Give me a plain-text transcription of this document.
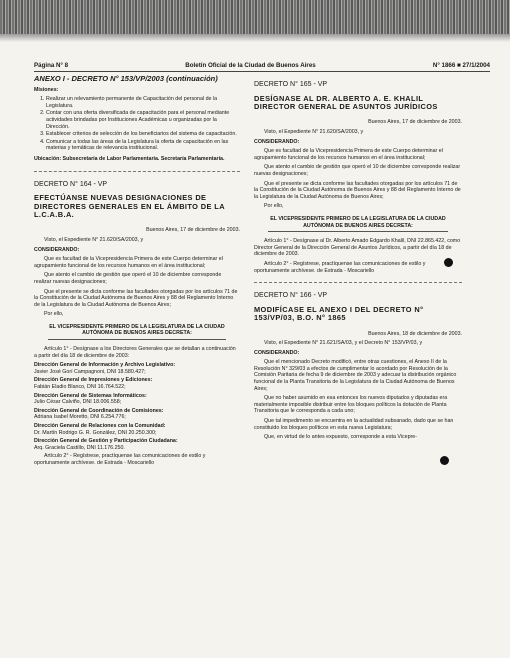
Página N° 8	Boletín Oficial de la Ciudad de Buenos Aires	N° 1866 ■ 27/1/2004
ANEXO I - DECRETO N° 153/VP/2003 (continuación)

Misiones:

1. Realizar un relevamiento permanente de Capacitación del personal de la Legislatura.
2. Contar con una oferta diversificada de capacitación para el personal mediante actividades brindadas por Instituciones Académicas u organizadas por la Dirección.
3. Establecer criterios de selección de los beneficiarios del sistema de capacitación.
4. Comunicar a todas las áreas de la Legislatura la oferta de capacitación en las materias y temáticas de relevancia institucional.

Ubicación: Subsecretaría de Labor Parlamentaria. Secretaría Parlamentaria.

DECRETO N° 164 - VP
EFECTÚANSE NUEVAS DESIGNACIONES DE DIRECTORES GENERALES EN EL ÁMBITO DE LA L.C.A.B.A.

Buenos Aires, 17 de diciembre de 2003.

Visto, el Expediente N° 21.620/SA/2003, y

CONSIDERANDO:

Que es facultad de la Vicepresidencia Primera de este Cuerpo determinar el agrupamiento funcional de los recursos humanos en el área institucional;

Que atento el cambio de gestión que operó el 10 de diciembre corresponde realizar nuevas designaciones;

Que el presente se dicta conforme las facultades otorgadas por los artículos 71 de la Constitución de la Ciudad Autónoma de Buenos Aires y 88 del Reglamento Interno de la Legislatura de la Ciudad Autónoma de Buenos Aires;

Por ello,

EL VICEPRESIDENTE PRIMERO DE LA LEGISLATURA DE LA CIUDAD AUTÓNOMA DE BUENOS AIRES DECRETA:

Artículo 1° - Desígnase a los Directores Generales que se detallan a continuación a partir del día 18 de diciembre de 2003:

Dirección General de Información y Archivo Legislativo:
Javier José Gorí Campagnoni, DNI 18.580.427;
Dirección General de Impresiones y Ediciones:
Fabián Eladio Blanco, DNI 16.764.522;
Dirección General de Sistemas Informáticos:
Julio César Calviño, DNI 18.006.558;
Dirección General de Coordinación de Comisiones:
Adriana Isabel Moretto, DNI 6.254.776;
Dirección General de Relaciones con la Comunidad:
Dr. Martín Rodrigo G. R. González, DNI 20.250.300;
Dirección General de Gestión y Participación Ciudadana:
Arq. Graciela Castillo, DNI 11.176.250.

Artículo 2° - Regístrese, practíquense las comunicaciones de estilo y oportunamente archívese. de Estrada - Moscariello

DECRETO N° 165 - VP
DESÍGNASE AL DR. ALBERTO A. E. KHALIL DIRECTOR GENERAL DE ASUNTOS JURÍDICOS

Buenos Aires, 17 de diciembre de 2003.

Visto, el Expediente N° 21.620/SA/2003, y

CONSIDERANDO:

Que es facultad de la Vicepresidencia Primera de este Cuerpo determinar el agrupamiento funcional de los recursos humanos en el área institucional;

Que atento el cambio de gestión que operó el 10 de diciembre corresponde realizar nuevas designaciones;

Que el presente se dicta conforme las facultades otorgadas por los artículos 71 de la Constitución de la Ciudad Autónoma de Buenos Aires y 88 del Reglamento Interno de la Legislatura de la Ciudad Autónoma de Buenos Aires;

Por ello,

EL VICEPRESIDENTE PRIMERO DE LA LEGISLATURA DE LA CIUDAD AUTÓNOMA DE BUENOS AIRES DECRETA:

Artículo 1° - Desígnase al Dr. Alberto Amado Edgardo Khalil, DNI 22.865.422, como Director General de la Dirección General de Asuntos Jurídicos, a partir del día 18 de diciembre de 2003.

Artículo 2° - Regístrese, practíquense las comunicaciones de estilo y oportunamente archívese. de Estrada - Moscariello

DECRETO N° 166 - VP
MODIFÍCASE EL ANEXO I DEL DECRETO N° 153/VP/03, B.O. N° 1865

Buenos Aires, 18 de diciembre de 2003.

Visto, el Expediente N° 21.621/SA/03, y el Decreto N° 153/VP/03, y

CONSIDERANDO:

Que el mencionado Decreto modificó, entre otras cuestiones, el Anexo II de la Resolución N° 329/03 a efectos de cumplimentar lo acordado por Resolución de la Comisión Paritaria de fecha 9 de diciembre de 2003 y adecuar la distribución orgánico funcional de la Planta Transitoria de la Legislatura de la Ciudad Autónoma de Buenos Aires;

Que no haber asumido en esa entonces los nuevos diputados y diputadas era materialmente imposible distribuir entre los bloques políticos la dotación de Planta Transitoria que le corresponda a cada uno;

Que tal impedimento se encuentra en la actualidad subsanado, dado que se han constituido los bloques políticos en esta nueva Legislatura;

Que, en virtud de lo antes expuesto, corresponde a esta Vicepre-
